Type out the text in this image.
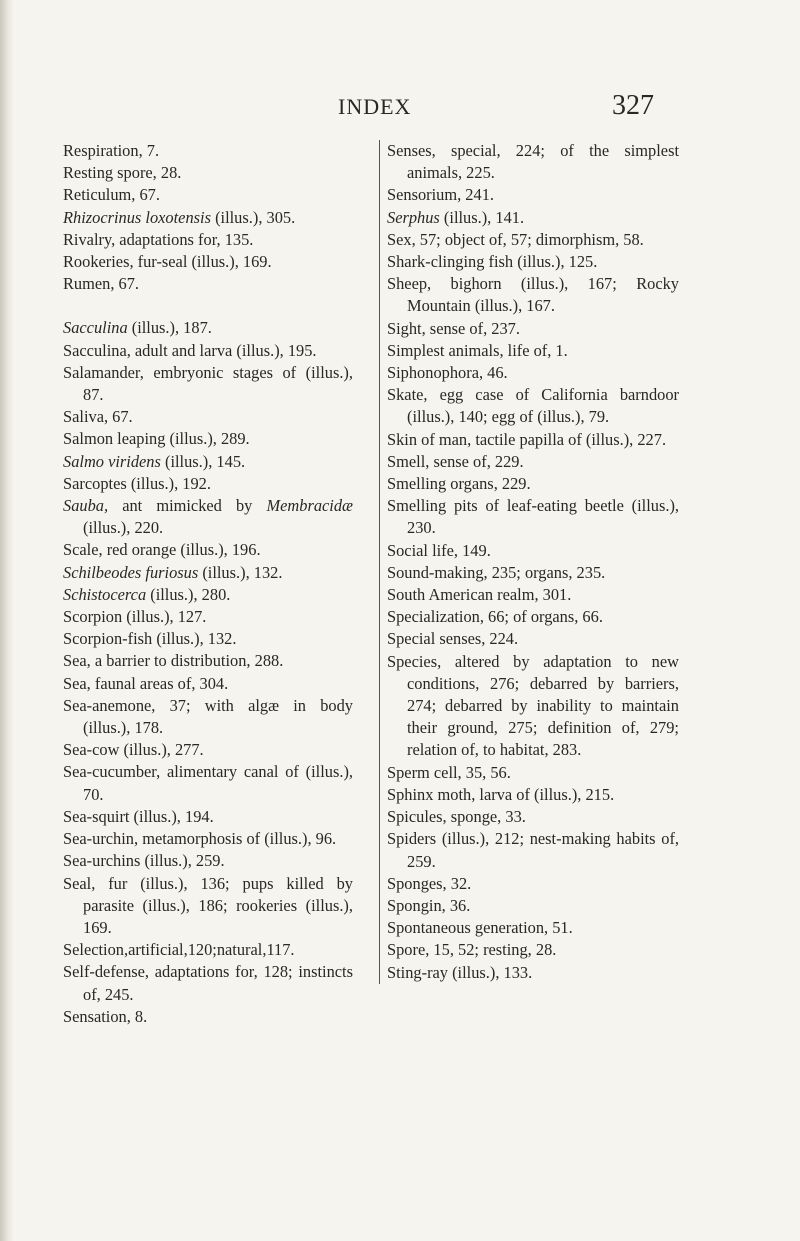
INDEX	327
Respiration, 7.
Resting spore, 28.
Reticulum, 67.
Rhizocrinus loxotensis (illus.), 305.
Rivalry, adaptations for, 135.
Rookeries, fur-seal (illus.), 169.
Rumen, 67.
Sacculina (illus.), 187.
Sacculina, adult and larva (illus.), 195.
Salamander, embryonic stages of (illus.), 87.
Saliva, 67.
Salmon leaping (illus.), 289.
Salmo viridens (illus.), 145.
Sarcoptes (illus.), 192.
Sauba, ant mimicked by Membracidæ (illus.), 220.
Scale, red orange (illus.), 196.
Schilbeodes furiosus (illus.), 132.
Schistocerca (illus.), 280.
Scorpion (illus.), 127.
Scorpion-fish (illus.), 132.
Sea, a barrier to distribution, 288.
Sea, faunal areas of, 304.
Sea-anemone, 37; with algæ in body (illus.), 178.
Sea-cow (illus.), 277.
Sea-cucumber, alimentary canal of (illus.), 70.
Sea-squirt (illus.), 194.
Sea-urchin, metamorphosis of (illus.), 96.
Sea-urchins (illus.), 259.
Seal, fur (illus.), 136; pups killed by parasite (illus.), 186; rookeries (illus.), 169.
Selection,artificial,120;natural,117.
Self-defense, adaptations for, 128; instincts of, 245.
Sensation, 8.
Senses, special, 224; of the simplest animals, 225.
Sensorium, 241.
Serphus (illus.), 141.
Sex, 57; object of, 57; dimorphism, 58.
Shark-clinging fish (illus.), 125.
Sheep, bighorn (illus.), 167; Rocky Mountain (illus.), 167.
Sight, sense of, 237.
Simplest animals, life of, 1.
Siphonophora, 46.
Skate, egg case of California barndoor (illus.), 140; egg of (illus.), 79.
Skin of man, tactile papilla of (illus.), 227.
Smell, sense of, 229.
Smelling organs, 229.
Smelling pits of leaf-eating beetle (illus.), 230.
Social life, 149.
Sound-making, 235; organs, 235.
South American realm, 301.
Specialization, 66; of organs, 66.
Special senses, 224.
Species, altered by adaptation to new conditions, 276; debarred by barriers, 274; debarred by inability to maintain their ground, 275; definition of, 279; relation of, to habitat, 283.
Sperm cell, 35, 56.
Sphinx moth, larva of (illus.), 215.
Spicules, sponge, 33.
Spiders (illus.), 212; nest-making habits of, 259.
Sponges, 32.
Spongin, 36.
Spontaneous generation, 51.
Spore, 15, 52; resting, 28.
Sting-ray (illus.), 133.
